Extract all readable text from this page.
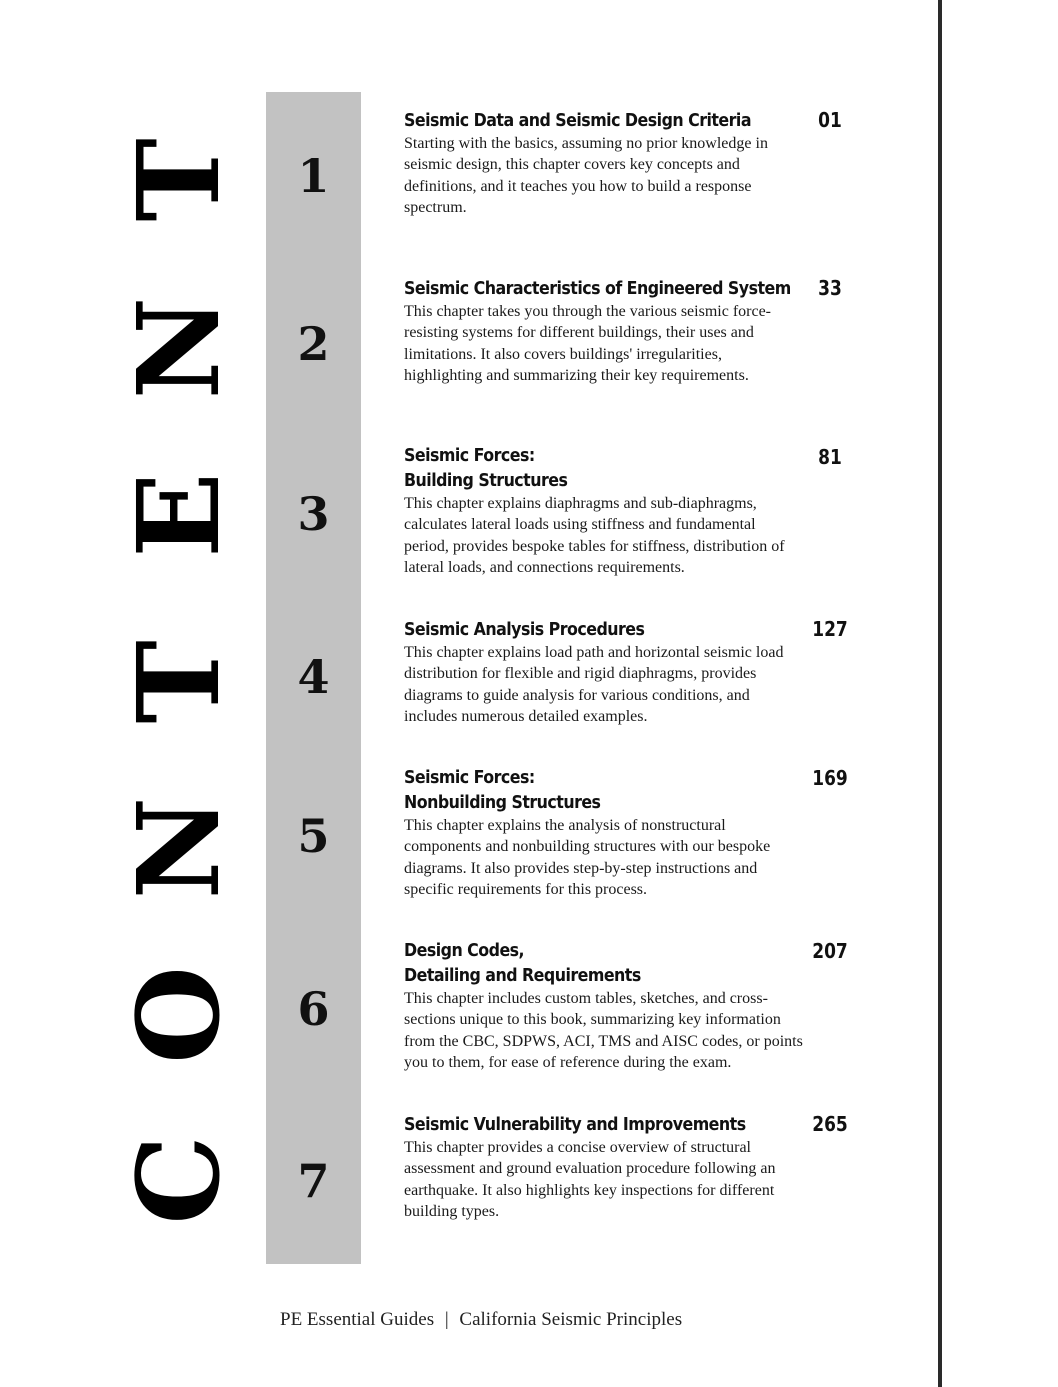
C
O
N
T
E
N
T	1
2
3
4
5
6
7
Seismic Data and Seismic Design Criteria
Starting with the basics, assuming no prior knowledge in seismic design, this chapter covers key concepts and definitions, and it teaches you how to build a response spectrum.
01
Seismic Characteristics of Engineered System
This chapter takes you through the various seismic force-resisting systems for different buildings, their uses and limitations. It also covers buildings' irregularities, highlighting and summarizing their key requirements.
33
Seismic Forces:
Building Structures
This chapter explains diaphragms and sub-diaphragms, calculates lateral loads using stiffness and fundamental period, provides bespoke tables for stiffness, distribution of lateral loads, and connections requirements.
81
Seismic Analysis Procedures
This chapter explains load path and horizontal seismic load distribution for flexible and rigid diaphragms, provides diagrams to guide analysis for various conditions, and includes numerous detailed examples.
127
Seismic Forces:
Nonbuilding Structures
This chapter explains the analysis of nonstructural components and nonbuilding structures with our bespoke diagrams. It also provides step-by-step instructions and specific requirements for this process.
169
Design Codes,
Detailing and Requirements
This chapter includes custom tables, sketches, and cross-sections unique to this book, summarizing key information from the CBC, SDPWS, ACI, TMS and AISC codes, or points you to them, for ease of reference during the exam.
207
Seismic Vulnerability and Improvements
This chapter provides a concise overview of structural assessment and ground evaluation procedure following an earthquake. It also highlights key inspections for different building types.
265
PE Essential Guides | California Seismic Principles
